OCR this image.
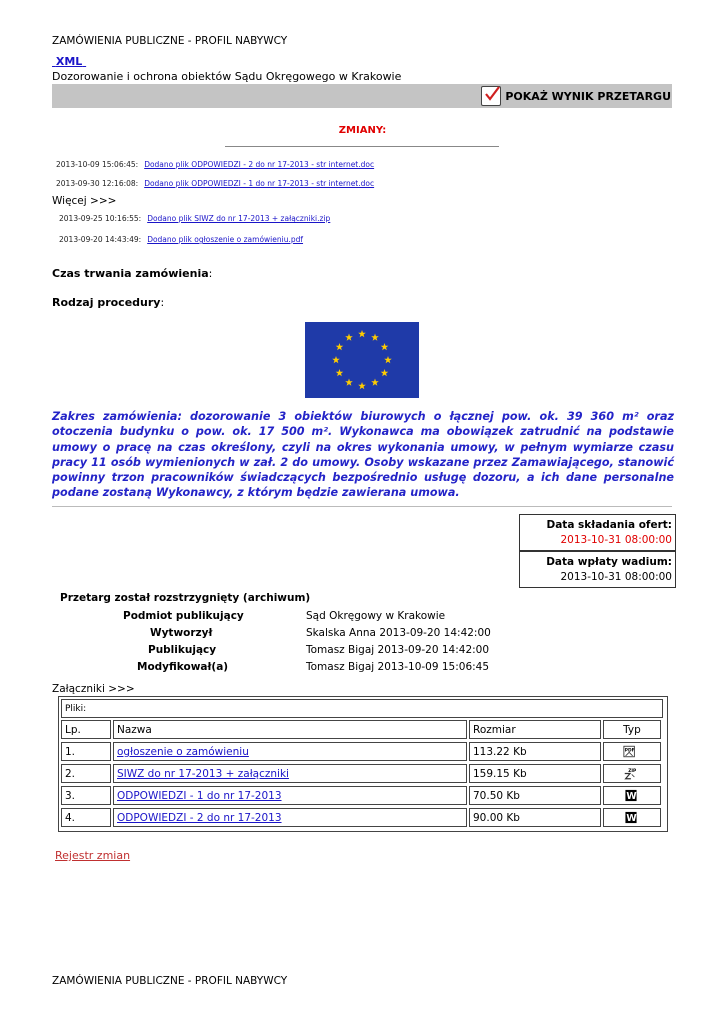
ZAMÓWIENIA PUBLICZNE - PROFIL NABYWCY
XML
Dozorowanie i ochrona obiektów Sądu Okręgowego w Krakowie
POKAŻ WYNIK PRZETARGU
ZMIANY:
2013-10-09 15:06:45: Dodano plik ODPOWIEDZI - 2 do nr 17-2013 - str internet.doc
2013-09-30 12:16:08: Dodano plik ODPOWIEDZI - 1 do nr 17-2013 - str internet.doc
Więcej >>>
2013-09-25 10:16:55: Dodano plik SIWZ do nr 17-2013 + załączniki.zip
2013-09-20 14:43:49: Dodano plik ogłoszenie o zamówieniu.pdf
Czas trwania zamówienia:
Rodzaj procedury:
Zakres zamówienia: dozorowanie 3 obiektów biurowych o łącznej pow. ok. 39 360 m² oraz otoczenia budynku o pow. ok. 17 500 m². Wykonawca ma obowiązek zatrudnić na podstawie umowy o pracę na czas określony, czyli na okres wykonania umowy, w pełnym wymiarze czasu pracy 11 osób wymienionych w zał. 2 do umowy. Osoby wskazane przez Zamawiającego, stanowić powinny trzon pracowników świadczących bezpośrednio usługę dozoru, a ich dane personalne podane zostaną Wykonawcy, z którym będzie zawierana umowa.
Data składania ofert:
2013-10-31 08:00:00
Data wpłaty wadium:
2013-10-31 08:00:00
Przetarg został rozstrzygnięty (archiwum)
Podmiot publikujący	Sąd Okręgowy w Krakowie
Wytworzył	Skalska Anna 2013-09-20 14:42:00
Publikujący	Tomasz Bigaj 2013-09-20 14:42:00
Modyfikował(a)	Tomasz Bigaj 2013-10-09 15:06:45
Załączniki >>>
Pliki:
Lp.	Nazwa	Rozmiar	Typ
1.	ogłoszenie o zamówieniu	113.22 Kb	PDF
2.	SIWZ do nr 17-2013 + załączniki	159.15 Kb	ZIP
3.	ODPOWIEDZI - 1 do nr 17-2013	70.50 Kb	W
4.	ODPOWIEDZI - 2 do nr 17-2013	90.00 Kb	W
Rejestr zmian
ZAMÓWIENIA PUBLICZNE - PROFIL NABYWCY
